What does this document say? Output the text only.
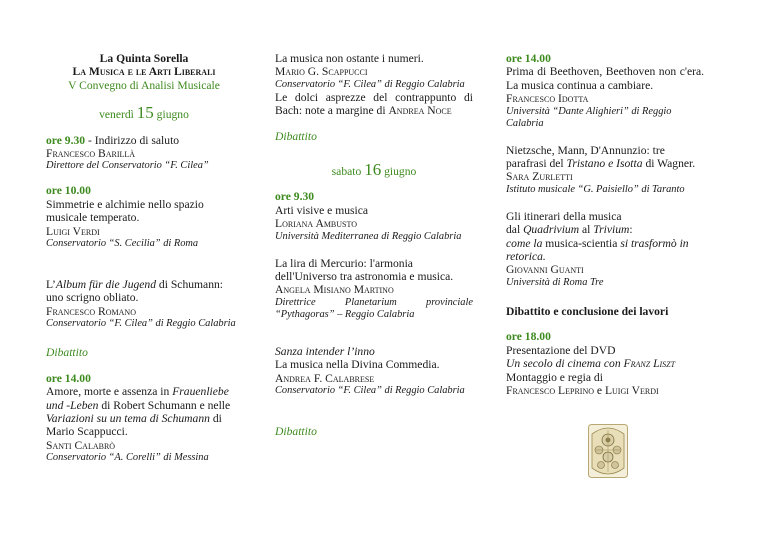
La Quinta Sorella
La Musica e le Arti Liberali
V Convegno di Analisi Musicale
venerdì 15 giugno
ore 9.30 - Indirizzo di saluto
Francesco Barillà
Direttore del Conservatorio “F. Cilea”
ore 10.00
Simmetrie e alchimie nello spazio musicale temperato.
Luigi Verdi
Conservatorio “S. Cecilia” di Roma
L’Album für die Jugend di Schumann: uno scrigno obliato.
Francesco Romano
Conservatorio “F. Cilea” di Reggio Calabria
Dibattito
ore 14.00
Amore, morte e assenza in Frauenliebe und -Leben di Robert Schumann e nelle Variazioni su un tema di Schumann di Mario Scappucci.
Santi Calabrò
Conservatorio “A. Corelli” di Messina
La musica non ostante i numeri.
Mario G. Scappucci
Conservatorio “F. Cilea” di Reggio Calabria
Le dolci asprezze del contrappunto di Bach: note a margine di Andrea Noce
Dibattito
sabato 16 giugno
ore 9.30
Arti visive e musica
Loriana Ambusto
Università Mediterranea di Reggio Calabria
La lira di Mercurio: l'armonia dell'Universo tra astronomia e musica.
Angela Misiano Martino
Direttrice Planetarium provinciale “Pythagoras” – Reggio Calabria
Sanza intender l’inno
La musica nella Divina Commedia.
Andrea F. Calabrese
Conservatorio “F. Cilea” di Reggio Calabria
Dibattito
ore 14.00
Prima di Beethoven, Beethoven non c'era. La musica continua a cambiare.
Francesco Idotta
Università “Dante Alighieri” di Reggio Calabria
Nietzsche, Mann, D'Annunzio: tre parafrasi del Tristano e Isotta di Wagner.
Sara Zurletti
Istituto musicale “G. Paisiello” di Taranto
Gli itinerari della musica
dal Quadrivium al Trivium:
come la musica-scientia si trasformò in retorica.
Giovanni Guanti
Università di Roma Tre
Dibattito e conclusione dei lavori
ore 18.00
Presentazione del DVD
Un secolo di cinema con Franz Liszt
Montaggio e regia di
Francesco Leprino e Luigi Verdi
